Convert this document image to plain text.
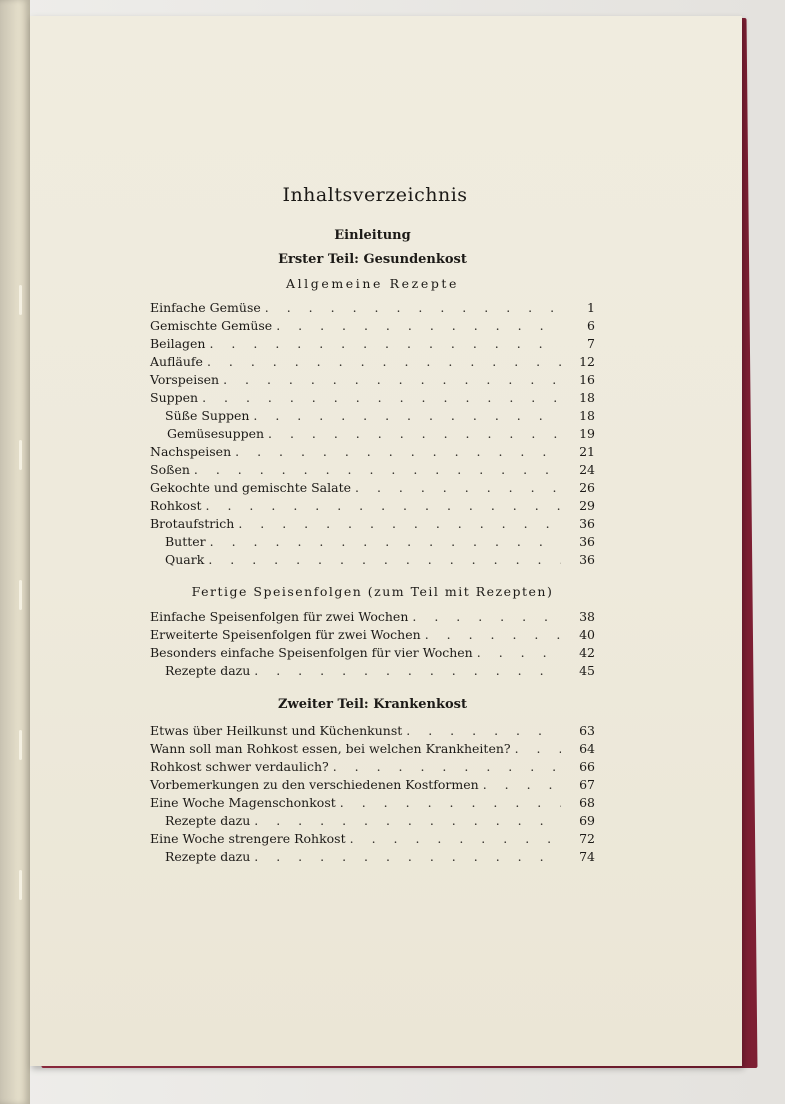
Inhaltsverzeichnis

Einleitung

Erster Teil: Gesundenkost

Allgemeine Rezepte

Einfache Gemüse . . .	1
Gemischte Gemüse . . .	6
Beilagen . . .	7
Aufläufe . . .	12
Vorspeisen . . .	16
Suppen . . .	18
Süße Suppen . . .	18
Gemüsesuppen . . .	19
Nachspeisen . . .	21
Soßen . . .	24
Gekochte und gemischte Salate . . .	26
Rohkost . . .	29
Brotaufstrich . . .	36
Butter . . .	36
Quark . . .	36

Fertige Speisenfolgen (zum Teil mit Rezepten)

Einfache Speisenfolgen für zwei Wochen . . .	38
Erweiterte Speisenfolgen für zwei Wochen . . .	40
Besonders einfache Speisenfolgen für vier Wochen . . .	42
Rezepte dazu . . .	45

Zweiter Teil: Krankenkost

Etwas über Heilkunst und Küchenkunst . . .	63
Wann soll man Rohkost essen, bei welchen Krankheiten? . . .	64
Rohkost schwer verdaulich? . . .	66
Vorbemerkungen zu den verschiedenen Kostformen . . .	67
Eine Woche Magenschonkost . . .	68
Rezepte dazu . . .	69
Eine Woche strengere Rohkost . . .	72
Rezepte dazu . . .	74
